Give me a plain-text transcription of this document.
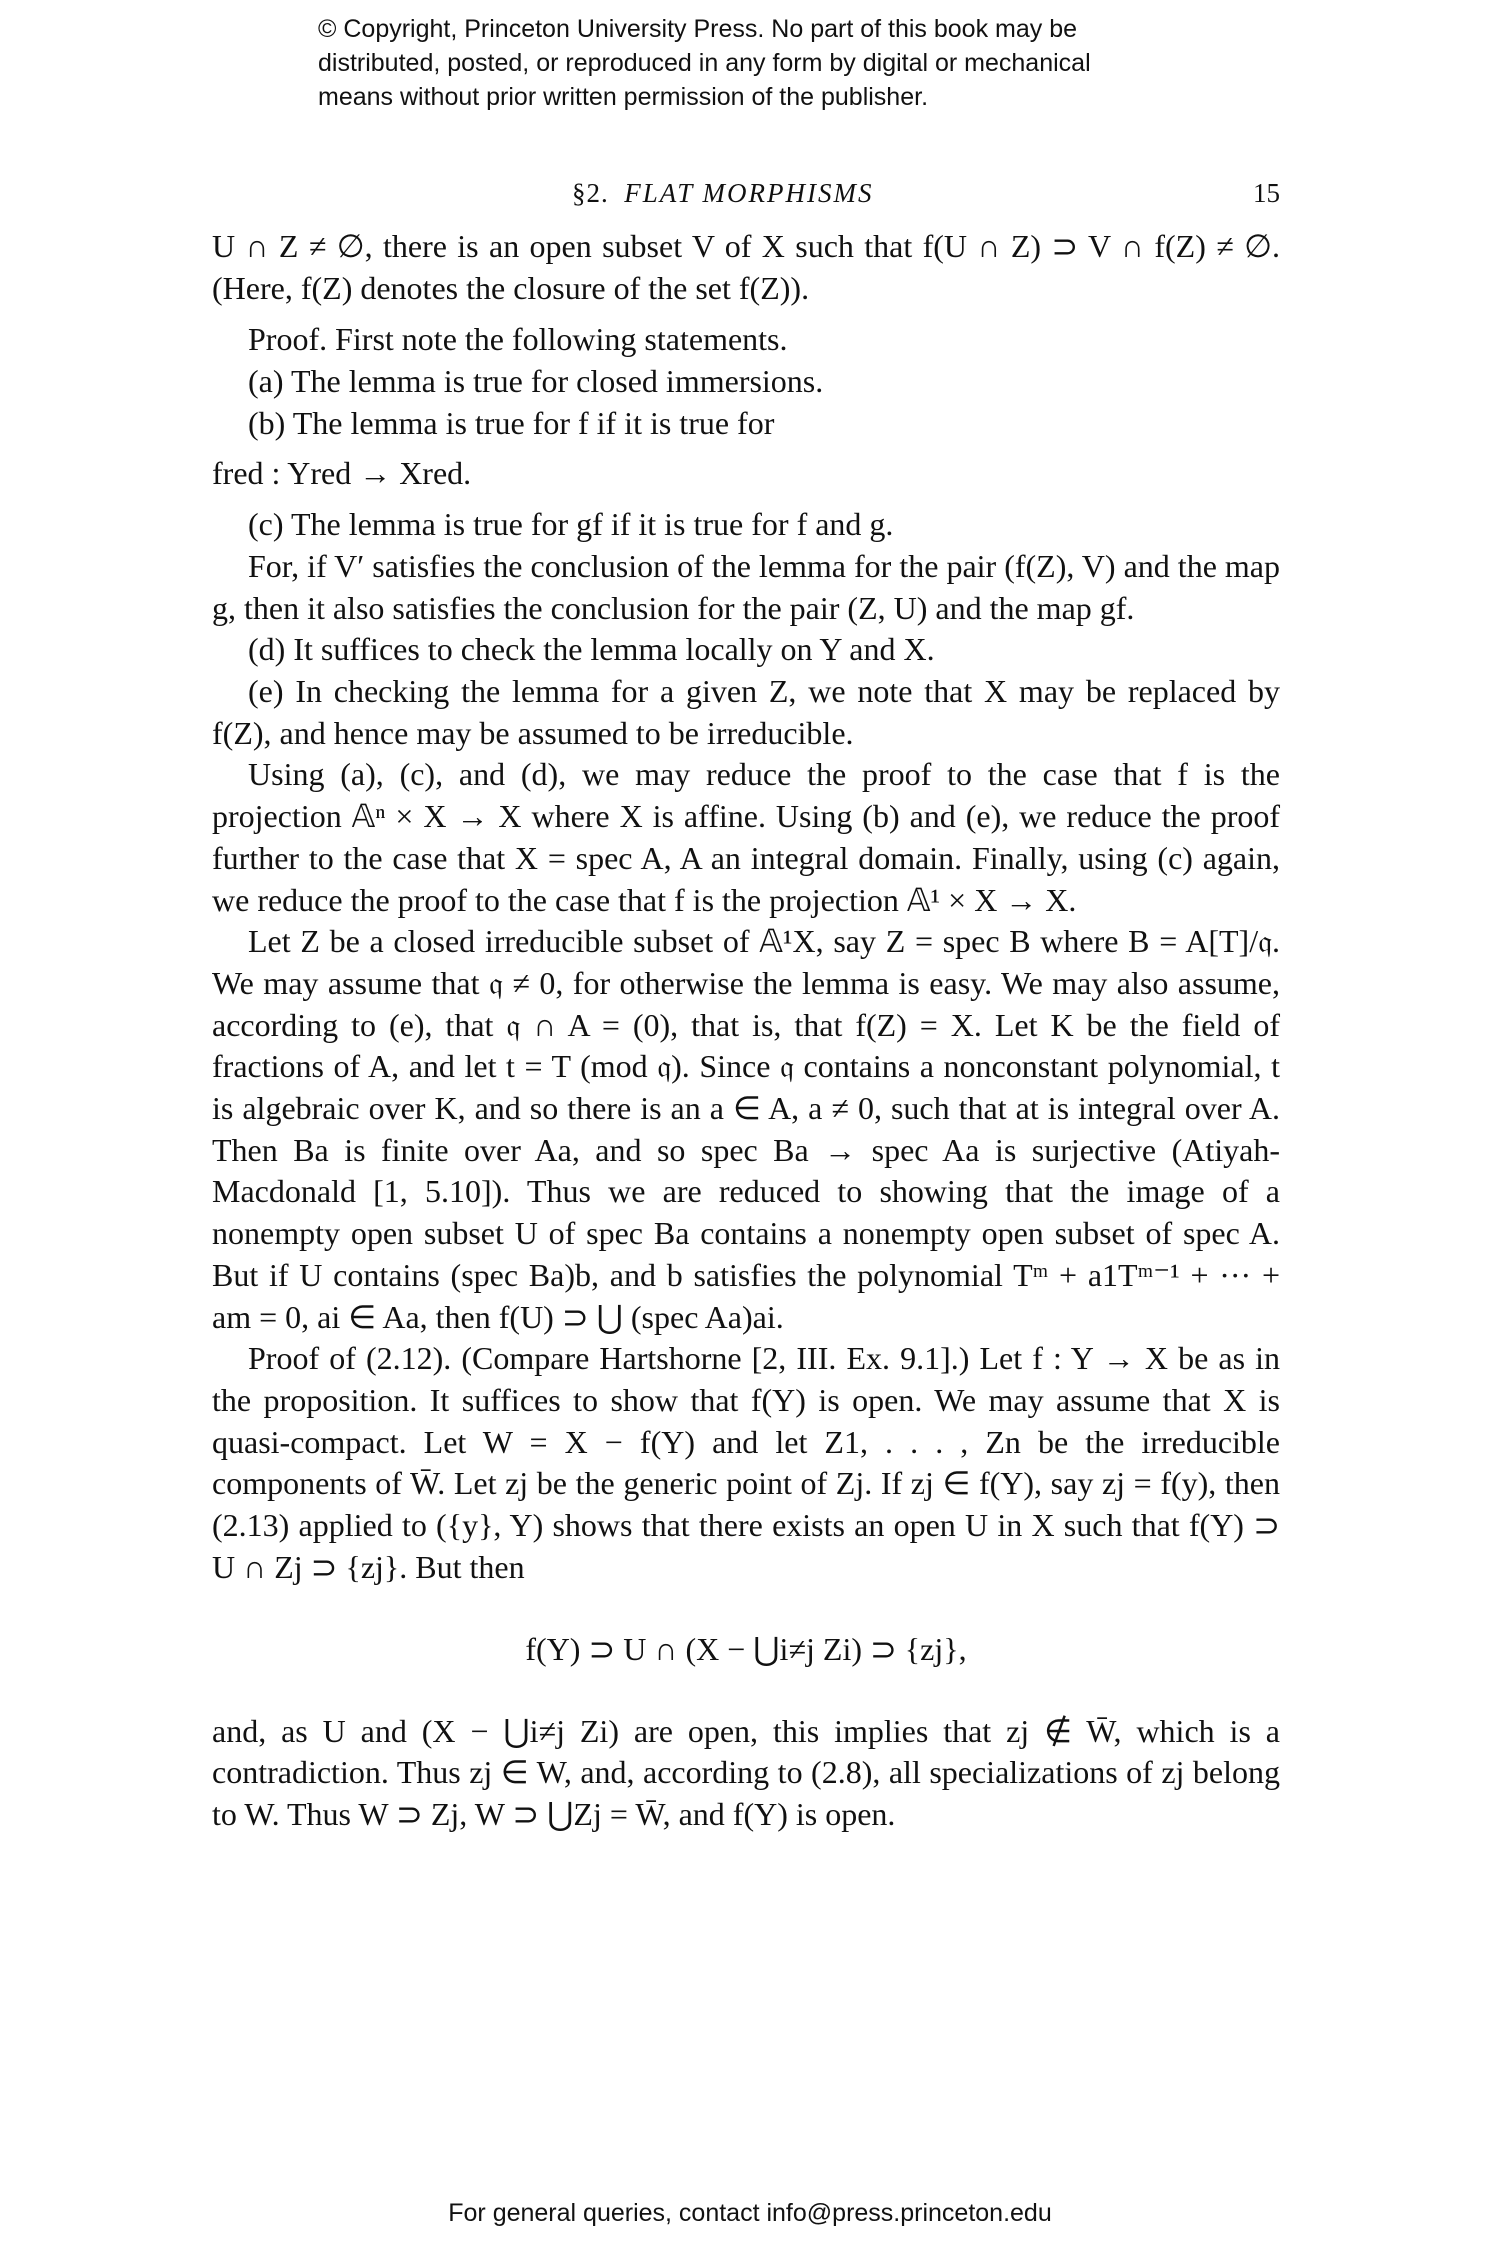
© Copyright, Princeton University Press. No part of this book may be
distributed, posted, or reproduced in any form by digital or mechanical
means without prior written permission of the publisher.
§2. FLAT MORPHISMS	15

U ∩ Z ≠ ∅, there is an open subset V of X such that f(U ∩ Z) ⊃ V ∩ f(Z) ≠ ∅. (Here, f(Z) denotes the closure of the set f(Z)).

Proof. First note the following statements.

(a) The lemma is true for closed immersions.

(b) The lemma is true for f if it is true for

fred : Yred → Xred.

(c) The lemma is true for gf if it is true for f and g.

For, if V′ satisfies the conclusion of the lemma for the pair (f(Z), V) and the map g, then it also satisfies the conclusion for the pair (Z, U) and the map gf.

(d) It suffices to check the lemma locally on Y and X.

(e) In checking the lemma for a given Z, we note that X may be replaced by f(Z), and hence may be assumed to be irreducible.

Using (a), (c), and (d), we may reduce the proof to the case that f is the projection 𝔸ⁿ × X → X where X is affine. Using (b) and (e), we reduce the proof further to the case that X = spec A, A an integral domain. Finally, using (c) again, we reduce the proof to the case that f is the projection 𝔸¹ × X → X.

Let Z be a closed irreducible subset of 𝔸¹X, say Z = spec B where B = A[T]/𝔮. We may assume that 𝔮 ≠ 0, for otherwise the lemma is easy. We may also assume, according to (e), that 𝔮 ∩ A = (0), that is, that f(Z) = X. Let K be the field of fractions of A, and let t = T (mod 𝔮). Since 𝔮 contains a nonconstant polynomial, t is algebraic over K, and so there is an a ∈ A, a ≠ 0, such that at is integral over A. Then Ba is finite over Aa, and so spec Ba → spec Aa is surjective (Atiyah-Macdonald [1, 5.10]). Thus we are reduced to showing that the image of a nonempty open subset U of spec Ba contains a nonempty open subset of spec A. But if U contains (spec Ba)b, and b satisfies the polynomial Tᵐ + a1Tᵐ⁻¹ + ··· + am = 0, ai ∈ Aa, then f(U) ⊃ ⋃ (spec Aa)ai.

Proof of (2.12). (Compare Hartshorne [2, III. Ex. 9.1].) Let f : Y → X be as in the proposition. It suffices to show that f(Y) is open. We may assume that X is quasi-compact. Let W = X − f(Y) and let Z1, . . . , Zn be the irreducible components of W̄. Let zj be the generic point of Zj. If zj ∈ f(Y), say zj = f(y), then (2.13) applied to ({y}, Y) shows that there exists an open U in X such that f(Y) ⊃ U ∩ Zj ⊃ {zj}. But then

f(Y) ⊃ U ∩ (X − ⋃i≠j Zi) ⊃ {zj},

and, as U and (X − ⋃i≠j Zi) are open, this implies that zj ∉ W̄, which is a contradiction. Thus zj ∈ W, and, according to (2.8), all specializations of zj belong to W. Thus W ⊃ Zj, W ⊃ ⋃Zj = W̄, and f(Y) is open.

For general queries, contact info@press.princeton.edu
